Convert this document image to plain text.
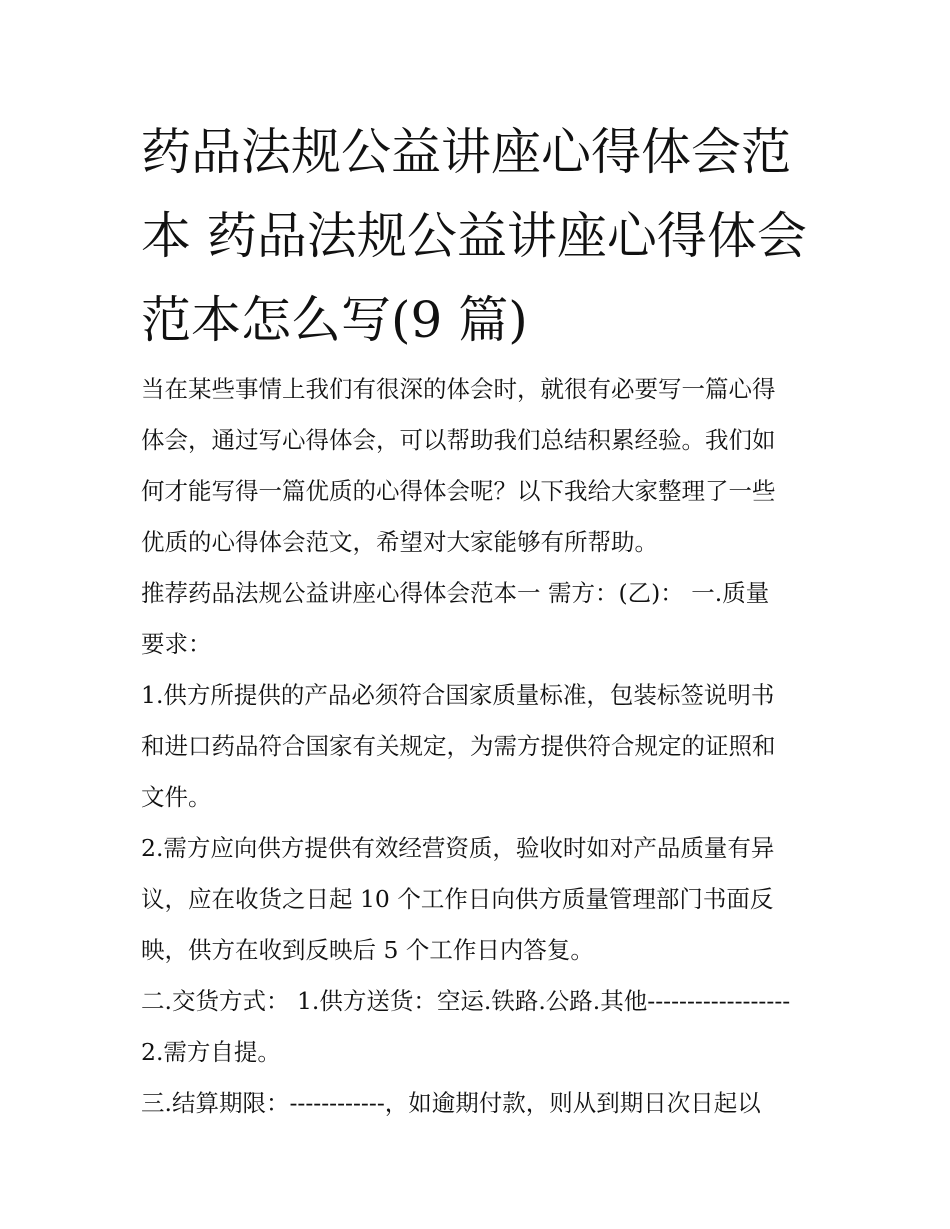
药品法规公益讲座心得体会范
本 药品法规公益讲座心得体会
范本怎么写(9 篇)

当在某些事情上我们有很深的体会时，就很有必要写一篇心得
体会，通过写心得体会，可以帮助我们总结积累经验。我们如
何才能写得一篇优质的心得体会呢？以下我给大家整理了一些
优质的心得体会范文，希望对大家能够有所帮助。

推荐药品法规公益讲座心得体会范本一 需方：(乙)： 一.质量
要求：

1.供方所提供的产品必须符合国家质量标准，包装标签说明书
和进口药品符合国家有关规定，为需方提供符合规定的证照和
文件。

2.需方应向供方提供有效经营资质，验收时如对产品质量有异
议，应在收货之日起 10 个工作日向供方质量管理部门书面反
映，供方在收到反映后 5 个工作日内答复。

二.交货方式： 1.供方送货：空运.铁路.公路.其他------------------

2.需方自提。

三.结算期限：------------，如逾期付款，则从到期日次日起以
